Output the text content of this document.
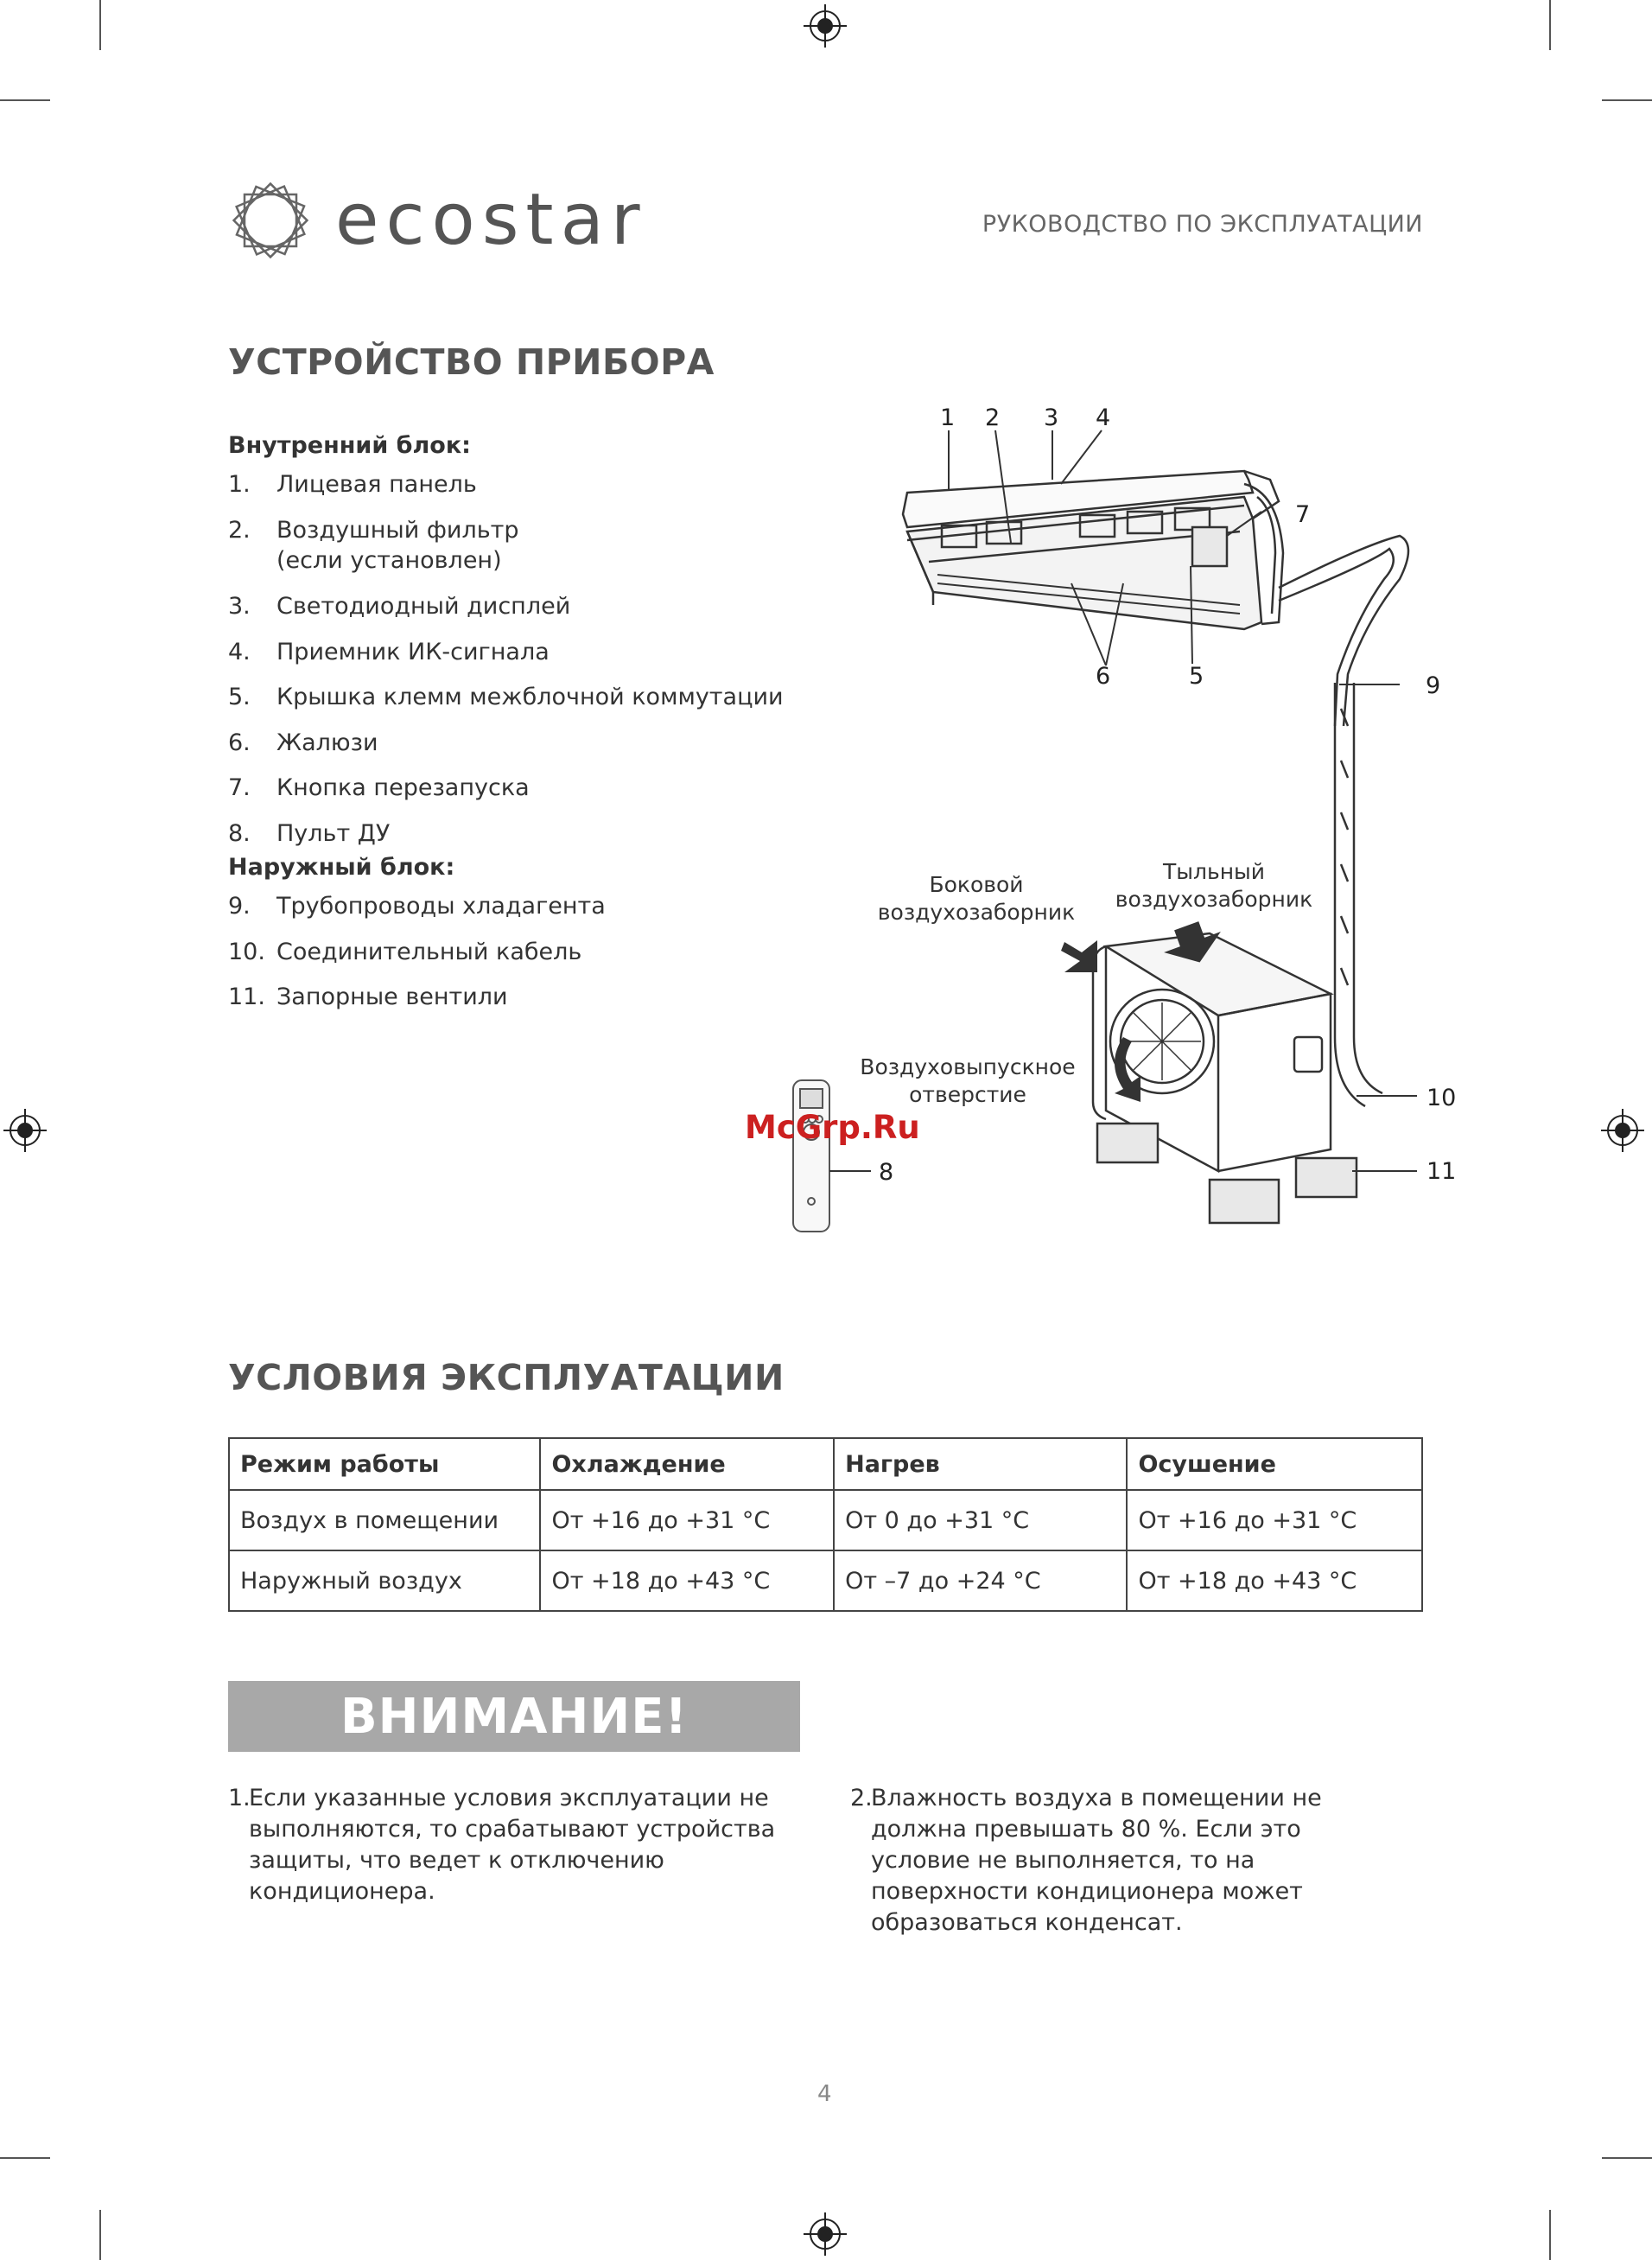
ecostar	РУКОВОДСТВО ПО ЭКСПЛУАТАЦИИ
УСТРОЙСТВО ПРИБОРА
Внутренний блок:
1.	Лицевая панель
2.	Воздушный фильтр
(если установлен)
3.	Светодиодный дисплей
4.	Приемник ИК-сигнала
5.	Крышка клемм межблочной коммутации
6.	Жалюзи
7.	Кнопка перезапуска
8.	Пульт ДУ
Наружный блок:
9.	Трубопроводы хладагента
10. Соединительный кабель
11. Запорные вентили
1 2 3 4
5
6
7
8
9
10
11
Боковой
воздухозаборник
Тыльный
воздухозаборник
Воздуховыпускное
отверстие
McGrp.Ru
УСЛОВИЯ ЭКСПЛУАТАЦИИ
Режим работы	Охлаждение	Нагрев	Осушение
Воздух в помещении	От +16 до +31 °C	От 0 до +31 °C	От +16 до +31 °C
Наружный воздух	От +18 до +43 °C	От –7 до +24 °C	От +18 до +43 °C
ВНИМАНИЕ!
1.
Если указанные условия эксплуатации не выполняются, то срабатывают устройства защиты, что ведет к отключению кондиционера.
2.
Влажность воздуха в помещении не должна превышать 80 %. Если это условие не выполняется, то на поверхности кондиционера может образоваться конденсат.
4
